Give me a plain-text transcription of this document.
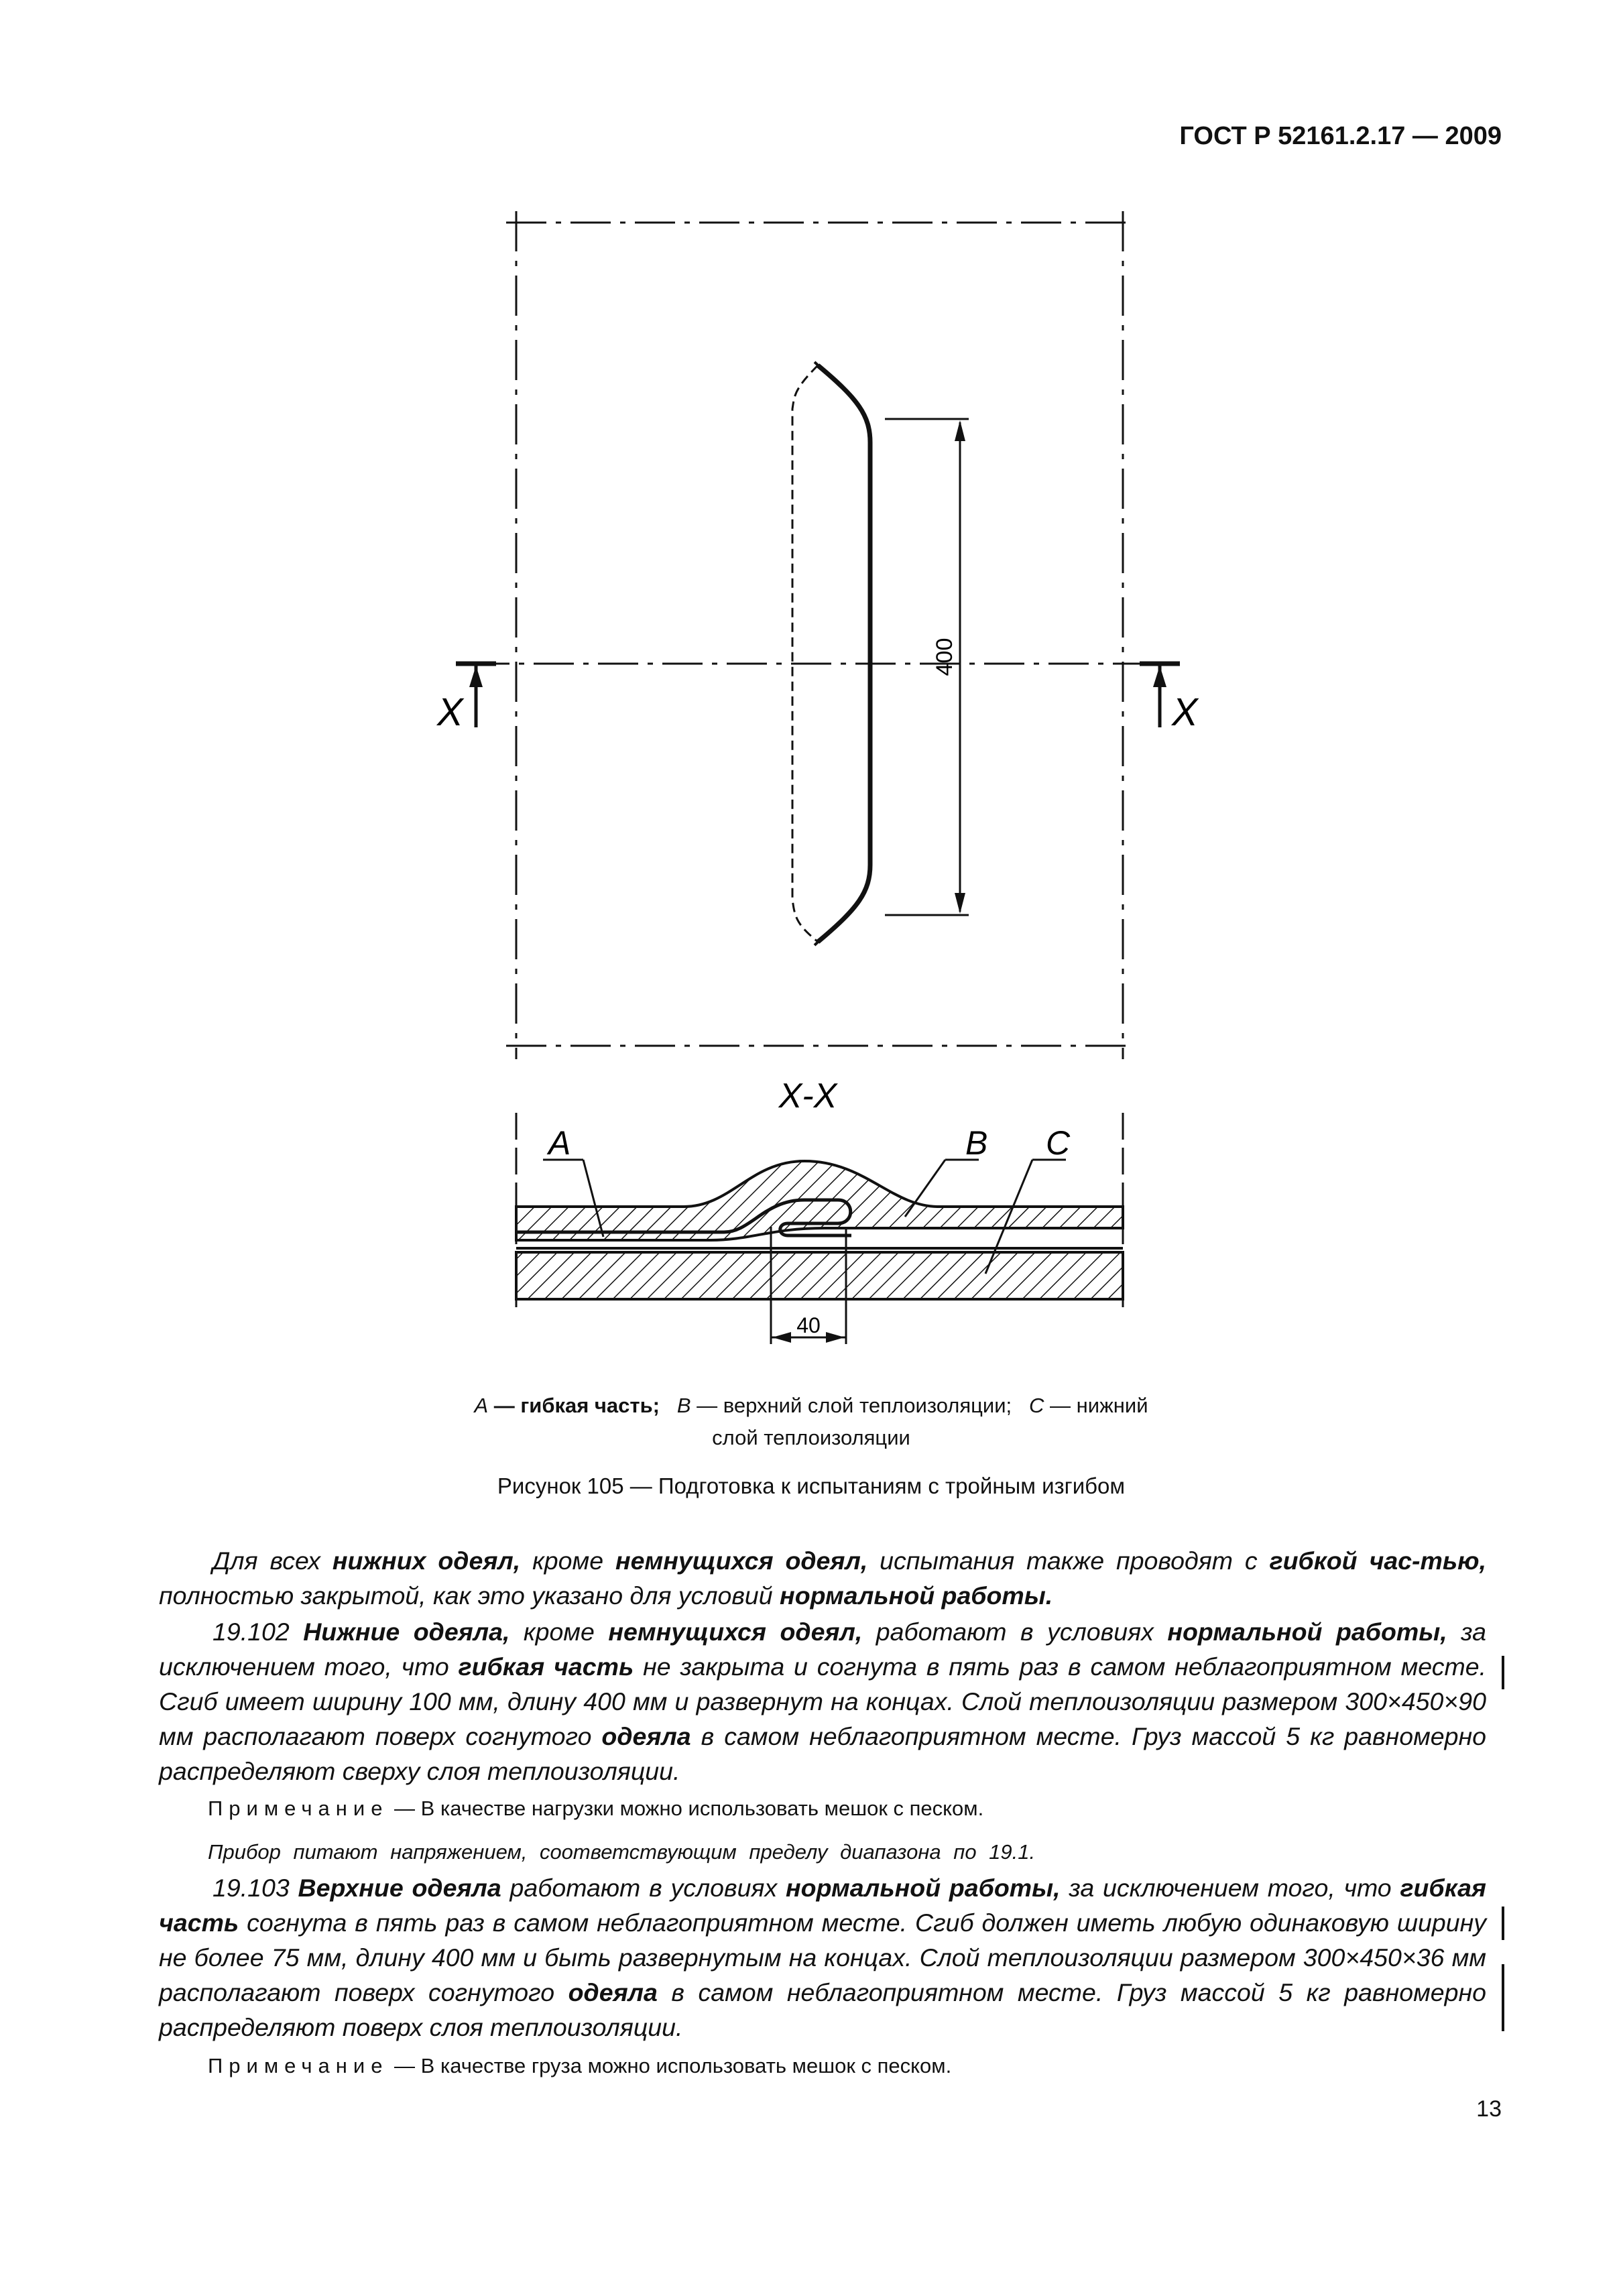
ГОСТ Р 52161.2.17 — 2009
X	X
400
X-X
A	B C
40
A — гибкая часть; B — верхний слой теплоизоляции; C — нижний
слой теплоизоляции
Рисунок 105 — Подготовка к испытаниям с тройным изгибом

Для всех нижних одеял, кроме немнущихся одеял, испытания также проводят с гибкой час-тью, полностью закрытой, как это указано для условий нормальной работы.

19.102 Нижние одеяла, кроме немнущихся одеял, работают в условиях нормальной работы, за исключением того, что гибкая часть не закрыта и согнута в пять раз в самом неблагоприятном месте. Сгиб имеет ширину 100 мм, длину 400 мм и развернут на концах. Слой теплоизоляции размером 300×450×90 мм располагают поверх согнутого одеяла в самом неблагоприятном месте. Груз массой 5 кг равномерно распределяют сверху слоя теплоизоляции.

Примечание — В качестве нагрузки можно использовать мешок с песком.
Прибор питают напряжением, соответствующим пределу диапазона по 19.1.

19.103 Верхние одеяла работают в условиях нормальной работы, за исключением того, что гибкая часть согнута в пять раз в самом неблагоприятном месте. Сгиб должен иметь любую одинаковую ширину не более 75 мм, длину 400 мм и быть развернутым на концах. Слой теплоизоляции размером 300×450×36 мм располагают поверх согнутого одеяла в самом неблагоприятном месте. Груз массой 5 кг равномерно распределяют поверх слоя теплоизоляции.

Примечание — В качестве груза можно использовать мешок с песком.
13
